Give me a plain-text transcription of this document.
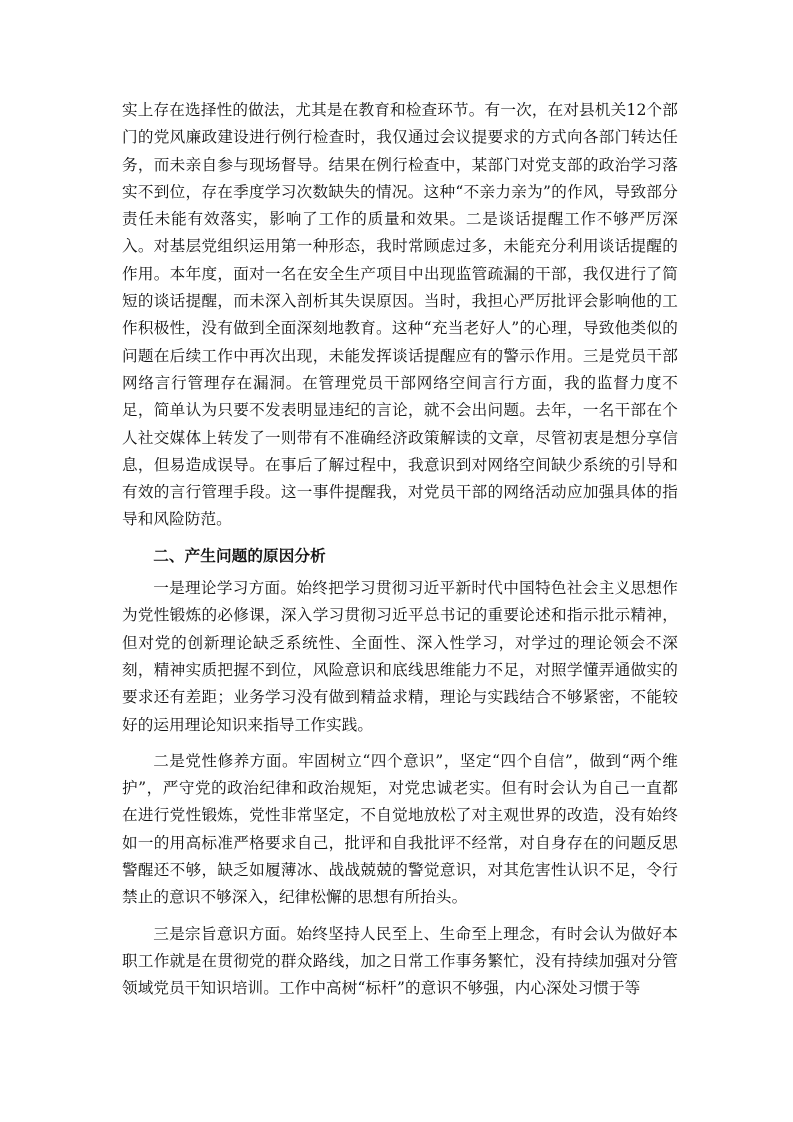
实上存在选择性的做法，尤其是在教育和检查环节。有一次，在对县机关12个部门的党风廉政建设进行例行检查时，我仅通过会议提要求的方式向各部门转达任务，而未亲自参与现场督导。结果在例行检查中，某部门对党支部的政治学习落实不到位，存在季度学习次数缺失的情况。这种“不亲力亲为”的作风，导致部分责任未能有效落实，影响了工作的质量和效果。二是谈话提醒工作不够严厉深入。对基层党组织运用第一种形态，我时常顾虑过多，未能充分利用谈话提醒的作用。本年度，面对一名在安全生产项目中出现监管疏漏的干部，我仅进行了简短的谈话提醒，而未深入剖析其失误原因。当时，我担心严厉批评会影响他的工作积极性，没有做到全面深刻地教育。这种“充当老好人”的心理，导致他类似的问题在后续工作中再次出现，未能发挥谈话提醒应有的警示作用。三是党员干部网络言行管理存在漏洞。在管理党员干部网络空间言行方面，我的监督力度不足，简单认为只要不发表明显违纪的言论，就不会出问题。去年，一名干部在个人社交媒体上转发了一则带有不准确经济政策解读的文章，尽管初衷是想分享信息，但易造成误导。在事后了解过程中，我意识到对网络空间缺少系统的引导和有效的言行管理手段。这一事件提醒我，对党员干部的网络活动应加强具体的指导和风险防范。

二、产生问题的原因分析

一是理论学习方面。始终把学习贯彻习近平新时代中国特色社会主义思想作为党性锻炼的必修课，深入学习贯彻习近平总书记的重要论述和指示批示精神，但对党的创新理论缺乏系统性、全面性、深入性学习，对学过的理论领会不深刻，精神实质把握不到位，风险意识和底线思维能力不足，对照学懂弄通做实的要求还有差距；业务学习没有做到精益求精，理论与实践结合不够紧密，不能较好的运用理论知识来指导工作实践。

二是党性修养方面。牢固树立“四个意识”，坚定“四个自信”，做到“两个维护”，严守党的政治纪律和政治规矩，对党忠诚老实。但有时会认为自己一直都在进行党性锻炼，党性非常坚定，不自觉地放松了对主观世界的改造，没有始终如一的用高标准严格要求自己，批评和自我批评不经常，对自身存在的问题反思警醒还不够，缺乏如履薄冰、战战兢兢的警觉意识，对其危害性认识不足，令行禁止的意识不够深入，纪律松懈的思想有所抬头。

三是宗旨意识方面。始终坚持人民至上、生命至上理念，有时会认为做好本职工作就是在贯彻党的群众路线，加之日常工作事务繁忙，没有持续加强对分管领域党员干知识培训。工作中高树“标杆”的意识不够强，内心深处习惯于等
